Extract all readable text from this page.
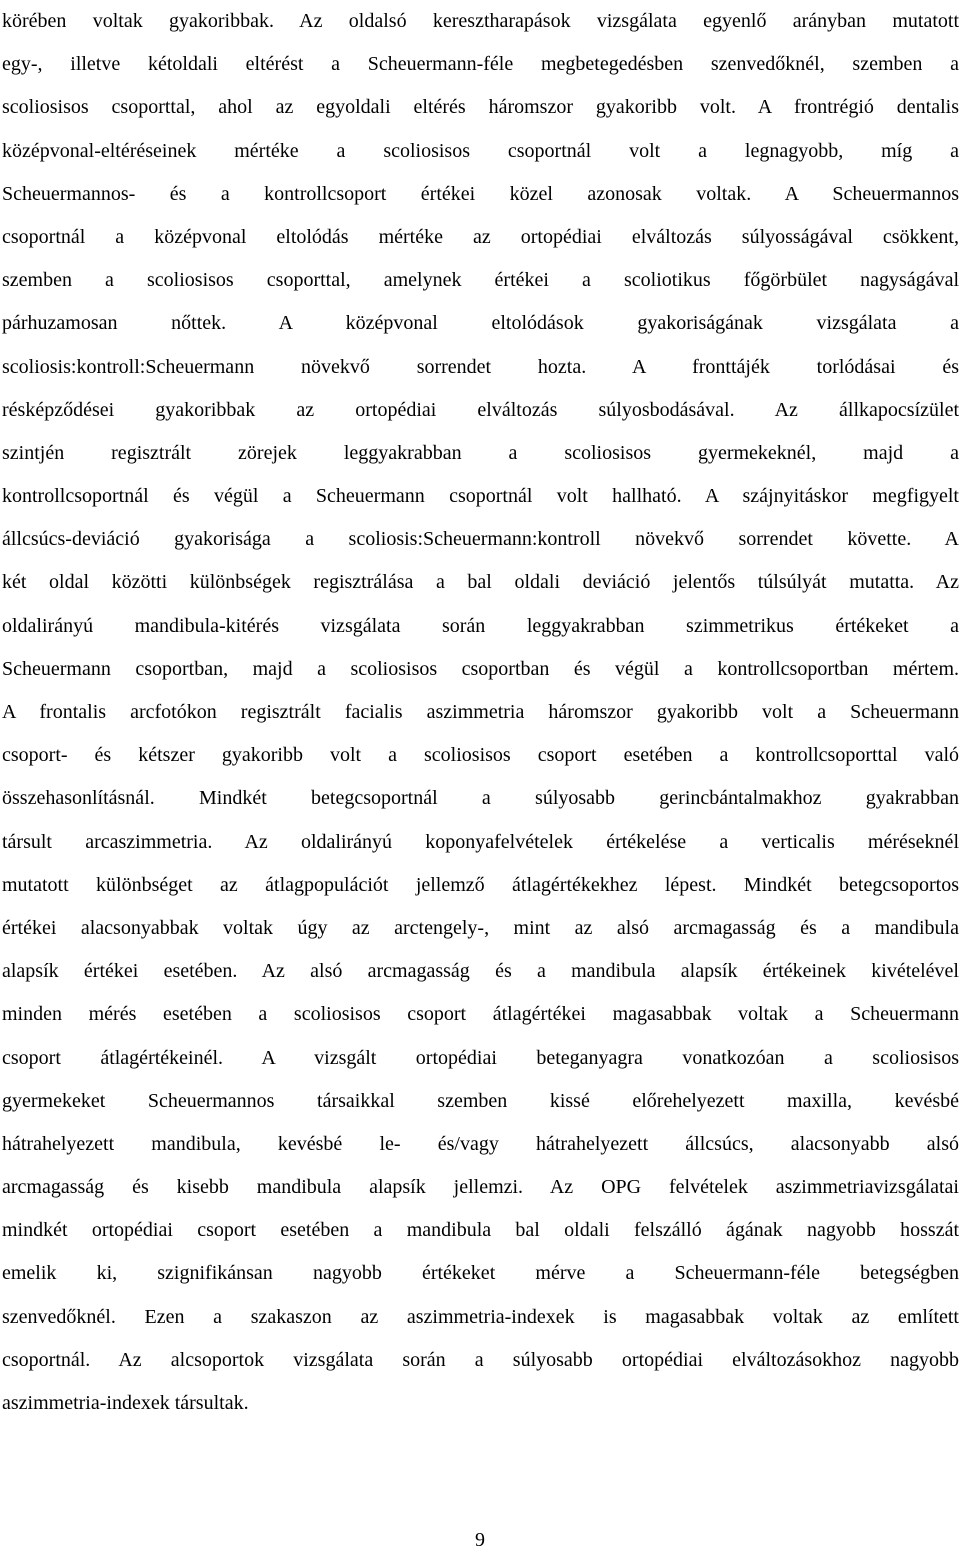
körében voltak gyakoribbak. Az oldalsó keresztharapások vizsgálata egyenlő arányban mutatott
egy-, illetve kétoldali eltérést a Scheuermann-féle megbetegedésben szenvedőknél, szemben a
scoliosisos csoporttal, ahol az egyoldali eltérés háromszor gyakoribb volt. A frontrégió dentalis
középvonal-eltéréseinek mértéke a scoliosisos csoportnál volt a legnagyobb, míg a
Scheuermannos- és a kontrollcsoport értékei közel azonosak voltak. A Scheuermannos
csoportnál a középvonal eltolódás mértéke az ortopédiai elváltozás súlyosságával csökkent,
szemben a scoliosisos csoporttal, amelynek értékei a scoliotikus főgörbület nagyságával
párhuzamosan nőttek. A középvonal eltolódások gyakoriságának vizsgálata a
scoliosis:kontroll:Scheuermann növekvő sorrendet hozta. A fronttájék torlódásai és
résképződései gyakoribbak az ortopédiai elváltozás súlyosbodásával. Az állkapocsízület
szintjén regisztrált zörejek leggyakrabban a scoliosisos gyermekeknél, majd a
kontrollcsoportnál és végül a Scheuermann csoportnál volt hallható. A szájnyitáskor megfigyelt
állcsúcs-deviáció gyakorisága a scoliosis:Scheuermann:kontroll növekvő sorrendet követte. A
két oldal közötti különbségek regisztrálása a bal oldali deviáció jelentős túlsúlyát mutatta. Az
oldalirányú mandibula-kitérés vizsgálata során leggyakrabban szimmetrikus értékeket a
Scheuermann csoportban, majd a scoliosisos csoportban és végül a kontrollcsoportban mértem.
A frontalis arcfotókon regisztrált facialis aszimmetria háromszor gyakoribb volt a Scheuermann
csoport- és kétszer gyakoribb volt a scoliosisos csoport esetében a kontrollcsoporttal való
összehasonlításnál. Mindkét betegcsoportnál a súlyosabb gerincbántalmakhoz gyakrabban
társult arcaszimmetria. Az oldalirányú koponyafelvételek értékelése a verticalis méréseknél
mutatott különbséget az átlagpopulációt jellemző átlagértékekhez lépest. Mindkét betegcsoportos
értékei alacsonyabbak voltak úgy az arctengely-, mint az alsó arcmagasság és a mandibula
alapsík értékei esetében. Az alsó arcmagasság és a mandibula alapsík értékeinek kivételével
minden mérés esetében a scoliosisos csoport átlagértékei magasabbak voltak a Scheuermann
csoport átlagértékeinél. A vizsgált ortopédiai beteganyagra vonatkozóan a scoliosisos
gyermekeket Scheuermannos társaikkal szemben kissé előrehelyezett maxilla, kevésbé
hátrahelyezett mandibula, kevésbé le- és/vagy hátrahelyezett állcsúcs, alacsonyabb alsó
arcmagasság és kisebb mandibula alapsík jellemzi. Az OPG felvételek aszimmetriavizsgálatai
mindkét ortopédiai csoport esetében a mandibula bal oldali felszálló ágának nagyobb hosszát
emelik ki, szignifikánsan nagyobb értékeket mérve a Scheuermann-féle betegségben
szenvedőknél. Ezen a szakaszon az aszimmetria-indexek is magasabbak voltak az említett
csoportnál. Az alcsoportok vizsgálata során a súlyosabb ortopédiai elváltozásokhoz nagyobb
aszimmetria-indexek társultak.
9
